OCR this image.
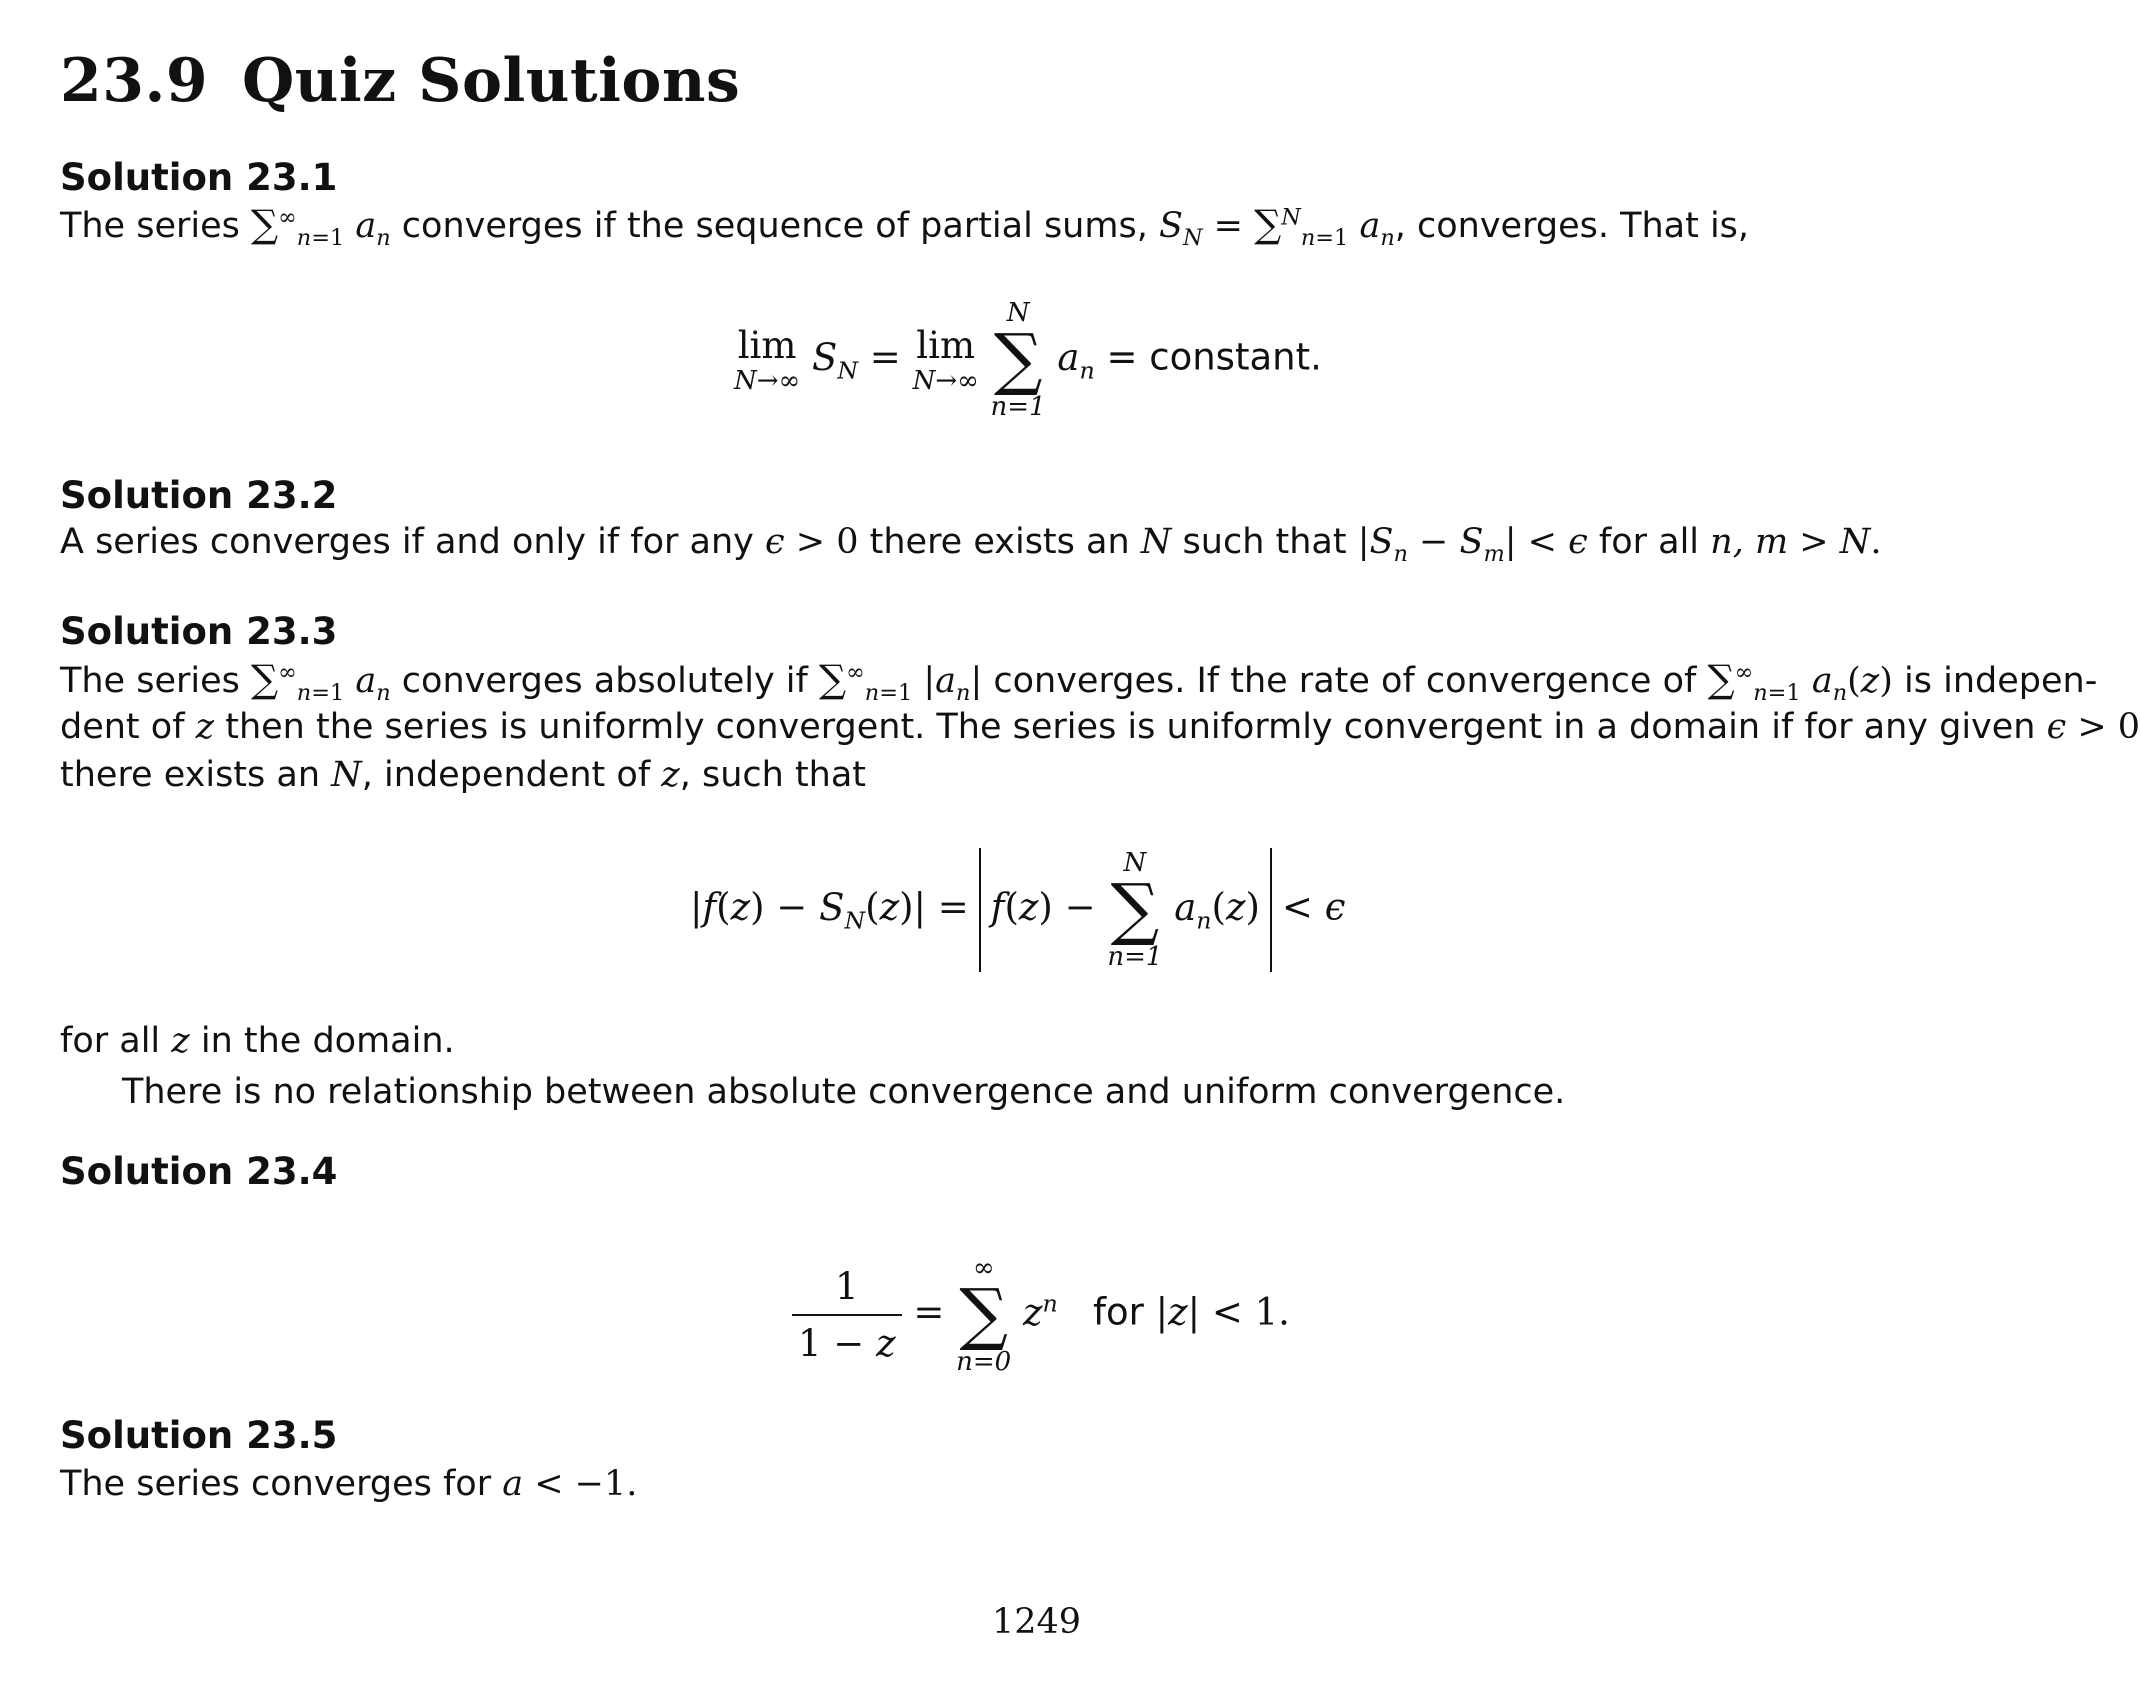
23.9 Quiz Solutions

Solution 23.1

The series $\sum^\infty_{n=1}$ $a_n$ converges if the sequence of partial sums, $S_N = \sum^N_{n=1}$ $a_n$, converges. That is,

lim
N→∞
$S_N = \lim$
N→∞

N
∑
n=1
$a_n$ = constant.

Solution 23.2

A series converges if and only if for any ϵ > 0 there exists an N such that $|S_n - S_m| < \epsilon$ for all n, m > N.

Solution 23.3

The series $\sum^\infty_{n=1}$ $a_n$ converges absolutely if $\sum^\infty_{n=1}$ $|a_n|$ converges. If the rate of convergence of $\sum^\infty_{n=1}$ $a_n(z)$ is indepen-

dent of z then the series is uniformly convergent. The series is uniformly convergent in a domain if for any given ϵ > 0

there exists an N, independent of z, such that

$|f(z) - S_N(z)| = f(z)$ −
N
∑
n=1
$a_n(z) < \epsilon$

for all z in the domain.

There is no relationship between absolute convergence and uniform convergence.

Solution 23.4

$\frac{1}{1 - z}$ =
∞
∑
n=0
$z^n$ for |z| < 1.

Solution 23.5

The series converges for a < −1.

1249
